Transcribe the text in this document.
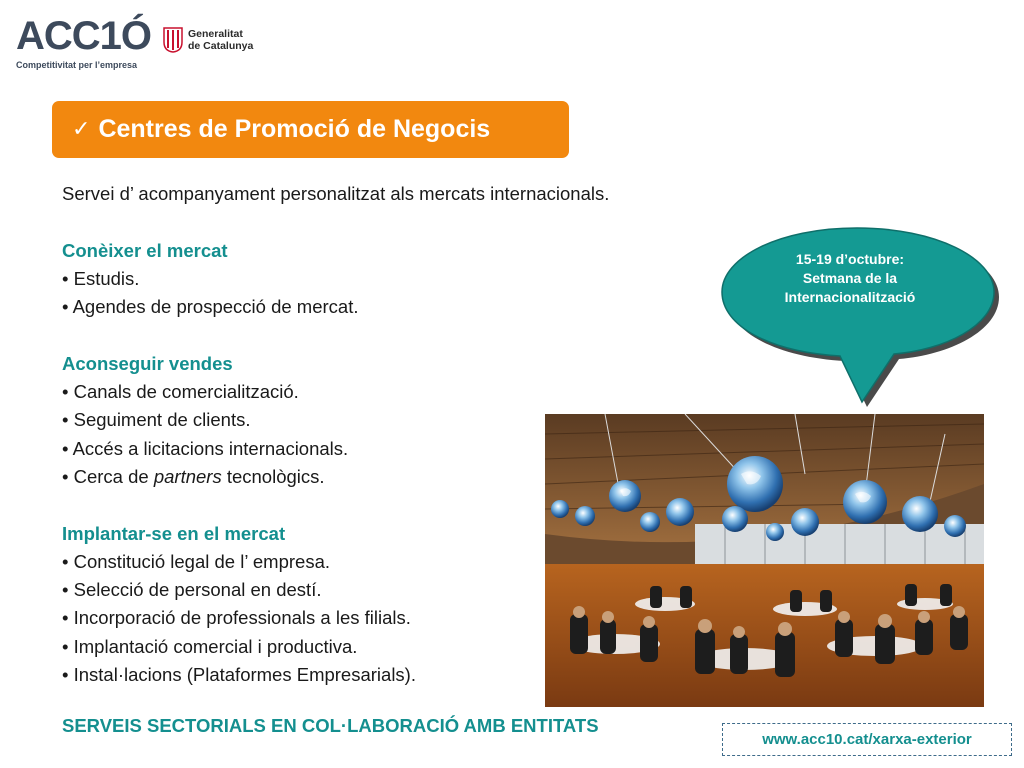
ACC1Ó
Competitivitat per l’empresa
Generalitat
de Catalunya
✓ Centres de Promoció de Negocis

Servei d’ acompanyament personalitzat als mercats internacionals.

Conèixer el mercat

• Estudis.

• Agendes de prospecció de mercat.

Aconseguir vendes

• Canals de comercialització.

• Seguiment de clients.

• Accés a licitacions internacionals.

• Cerca de partners tecnològics.

Implantar-se en el mercat

• Constitució legal de l’ empresa.

• Selecció de personal en destí.

• Incorporació de professionals a les filials.

• Implantació comercial i productiva.

• Instal·lacions (Plataformes Empresarials).

SERVEIS SECTORIALS EN COL·LABORACIÓ AMB ENTITATS
15-19 d’octubre:
Setmana de la
Internacionalització
www.acc10.cat/xarxa-exterior
